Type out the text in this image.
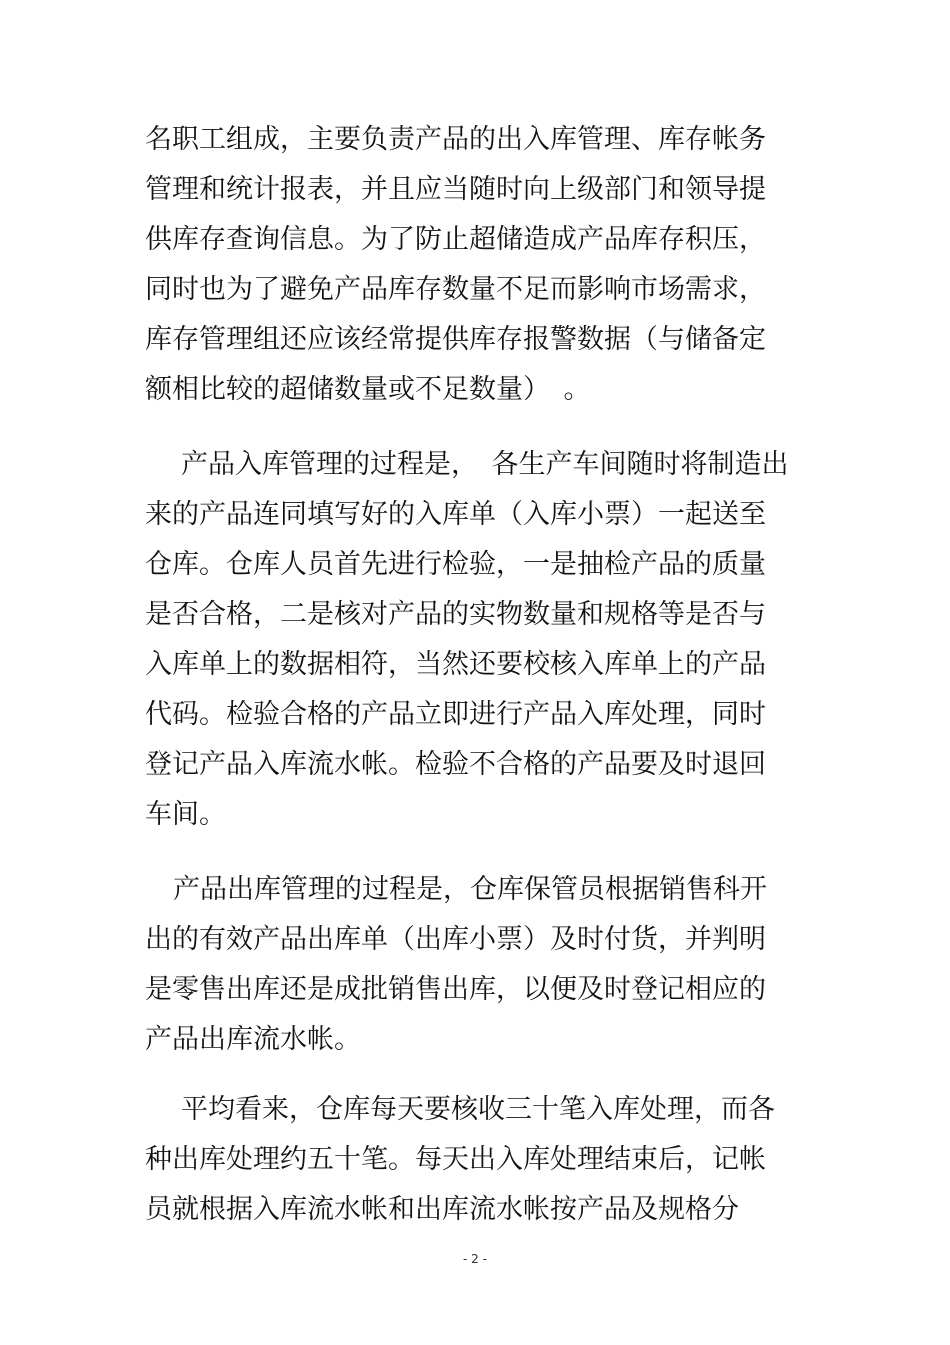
名职工组成，主要负责产品的出入库管理、库存帐务
管理和统计报表，并且应当随时向上级部门和领导提
供库存查询信息。为了防止超储造成产品库存积压，
同时也为了避免产品库存数量不足而影响市场需求，
库存管理组还应该经常提供库存报警数据（与储备定
额相比较的超储数量或不足数量）　。
产品入库管理的过程是，　各生产车间随时将制造出
来的产品连同填写好的入库单（入库小票）一起送至
仓库。仓库人员首先进行检验，一是抽检产品的质量
是否合格，二是核对产品的实物数量和规格等是否与
入库单上的数据相符，当然还要校核入库单上的产品
代码。检验合格的产品立即进行产品入库处理，同时
登记产品入库流水帐。检验不合格的产品要及时退回
车间。
产品出库管理的过程是，仓库保管员根据销售科开
出的有效产品出库单（出库小票）及时付货，并判明
是零售出库还是成批销售出库，以便及时登记相应的
产品出库流水帐。
平均看来，仓库每天要核收三十笔入库处理，而各
种出库处理约五十笔。每天出入库处理结束后，记帐
员就根据入库流水帐和出库流水帐按产品及规格分
- 2 -
